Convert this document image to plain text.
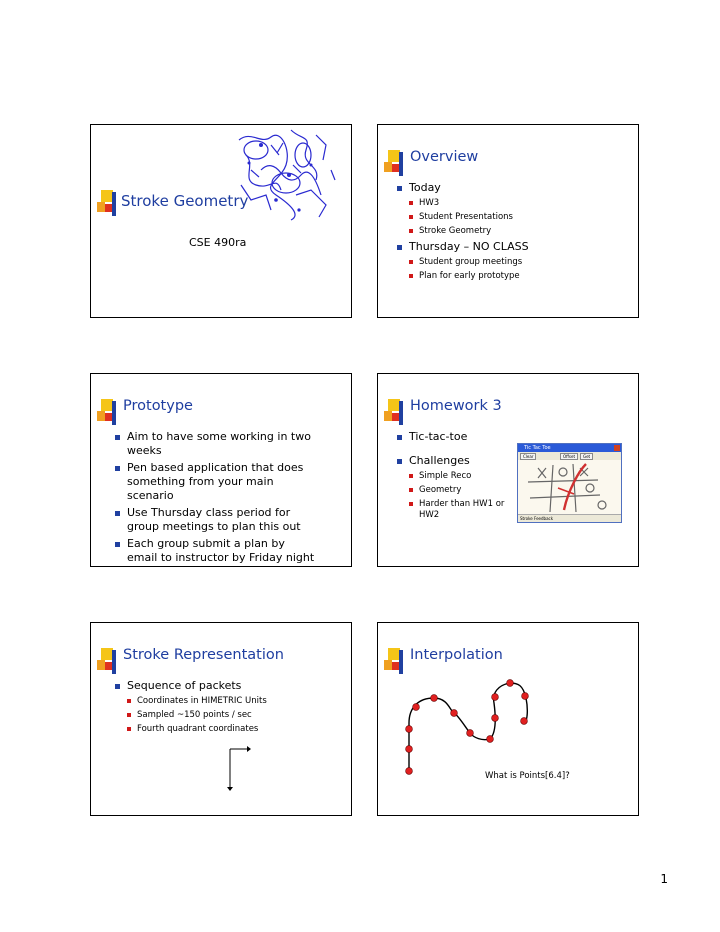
Stroke Geometry
CSE 490ra
Overview
Today
HW3
Student Presentations
Stroke Geometry
Thursday – NO CLASS
Student group meetings
Plan for early prototype
Prototype
Aim to have some working in two weeks
Pen based application that does something from your main scenario
Use Thursday class period for group meetings to plan this out
Each group submit a plan by email to instructor by Friday night
Homework 3
Tic-tac-toe
Challenges
Simple Reco
Geometry
Harder than HW1 or HW2
Tic Tac Toe
Clear	Offset	Get
Stroke Feedback
Stroke Representation
Sequence of packets
Coordinates in HIMETRIC Units
Sampled ~150 points / sec
Fourth quadrant coordinates
Interpolation
What is Points[6.4]?
1
